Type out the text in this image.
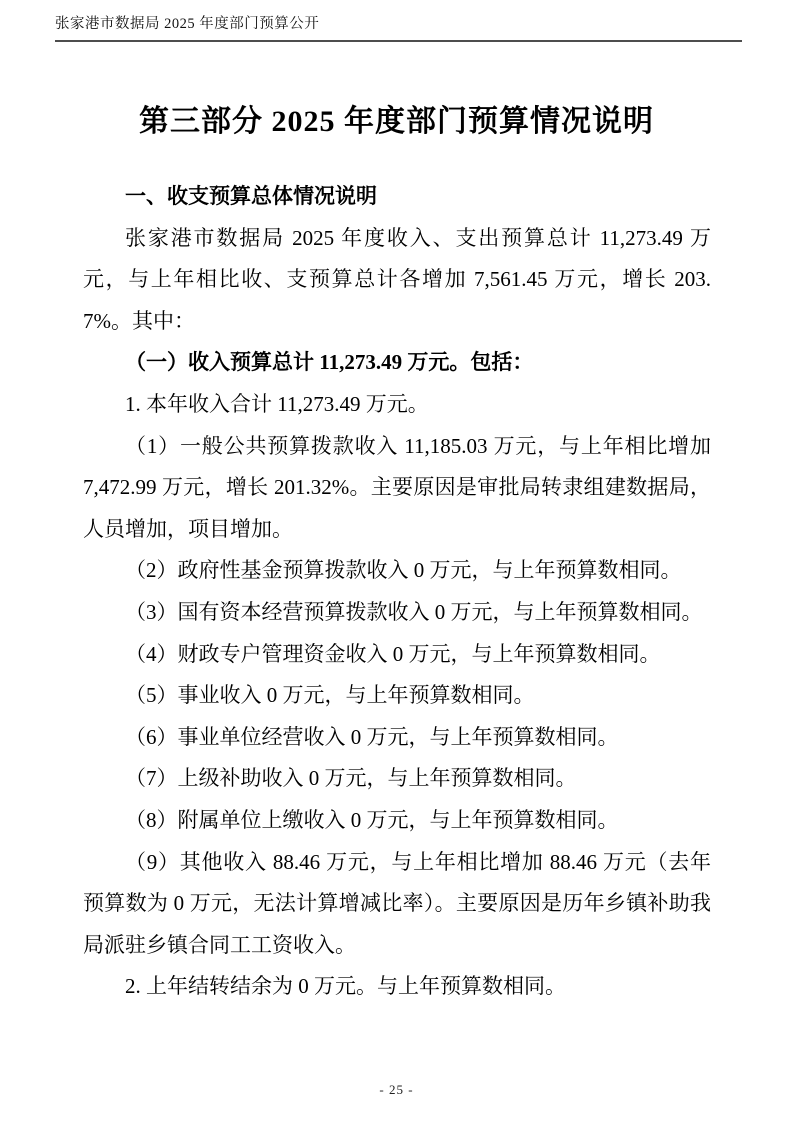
张家港市数据局 2025 年度部门预算公开
第三部分 2025 年度部门预算情况说明

一、收支预算总体情况说明

张家港市数据局 2025 年度收入、支出预算总计 11,273.49 万元，与上年相比收、支预算总计各增加 7,561.45 万元，增长 203.7%。其中：

（一）收入预算总计 11,273.49 万元。包括：

1. 本年收入合计 11,273.49 万元。

（1）一般公共预算拨款收入 11,185.03 万元，与上年相比增加 7,472.99 万元，增长 201.32%。主要原因是审批局转隶组建数据局，人员增加，项目增加。

（2）政府性基金预算拨款收入 0 万元，与上年预算数相同。

（3）国有资本经营预算拨款收入 0 万元，与上年预算数相同。

（4）财政专户管理资金收入 0 万元，与上年预算数相同。

（5）事业收入 0 万元，与上年预算数相同。

（6）事业单位经营收入 0 万元，与上年预算数相同。

（7）上级补助收入 0 万元，与上年预算数相同。

（8）附属单位上缴收入 0 万元，与上年预算数相同。

（9）其他收入 88.46 万元，与上年相比增加 88.46 万元（去年预算数为 0 万元，无法计算增减比率）。主要原因是历年乡镇补助我局派驻乡镇合同工工资收入。

2. 上年结转结余为 0 万元。与上年预算数相同。

- 25 -
